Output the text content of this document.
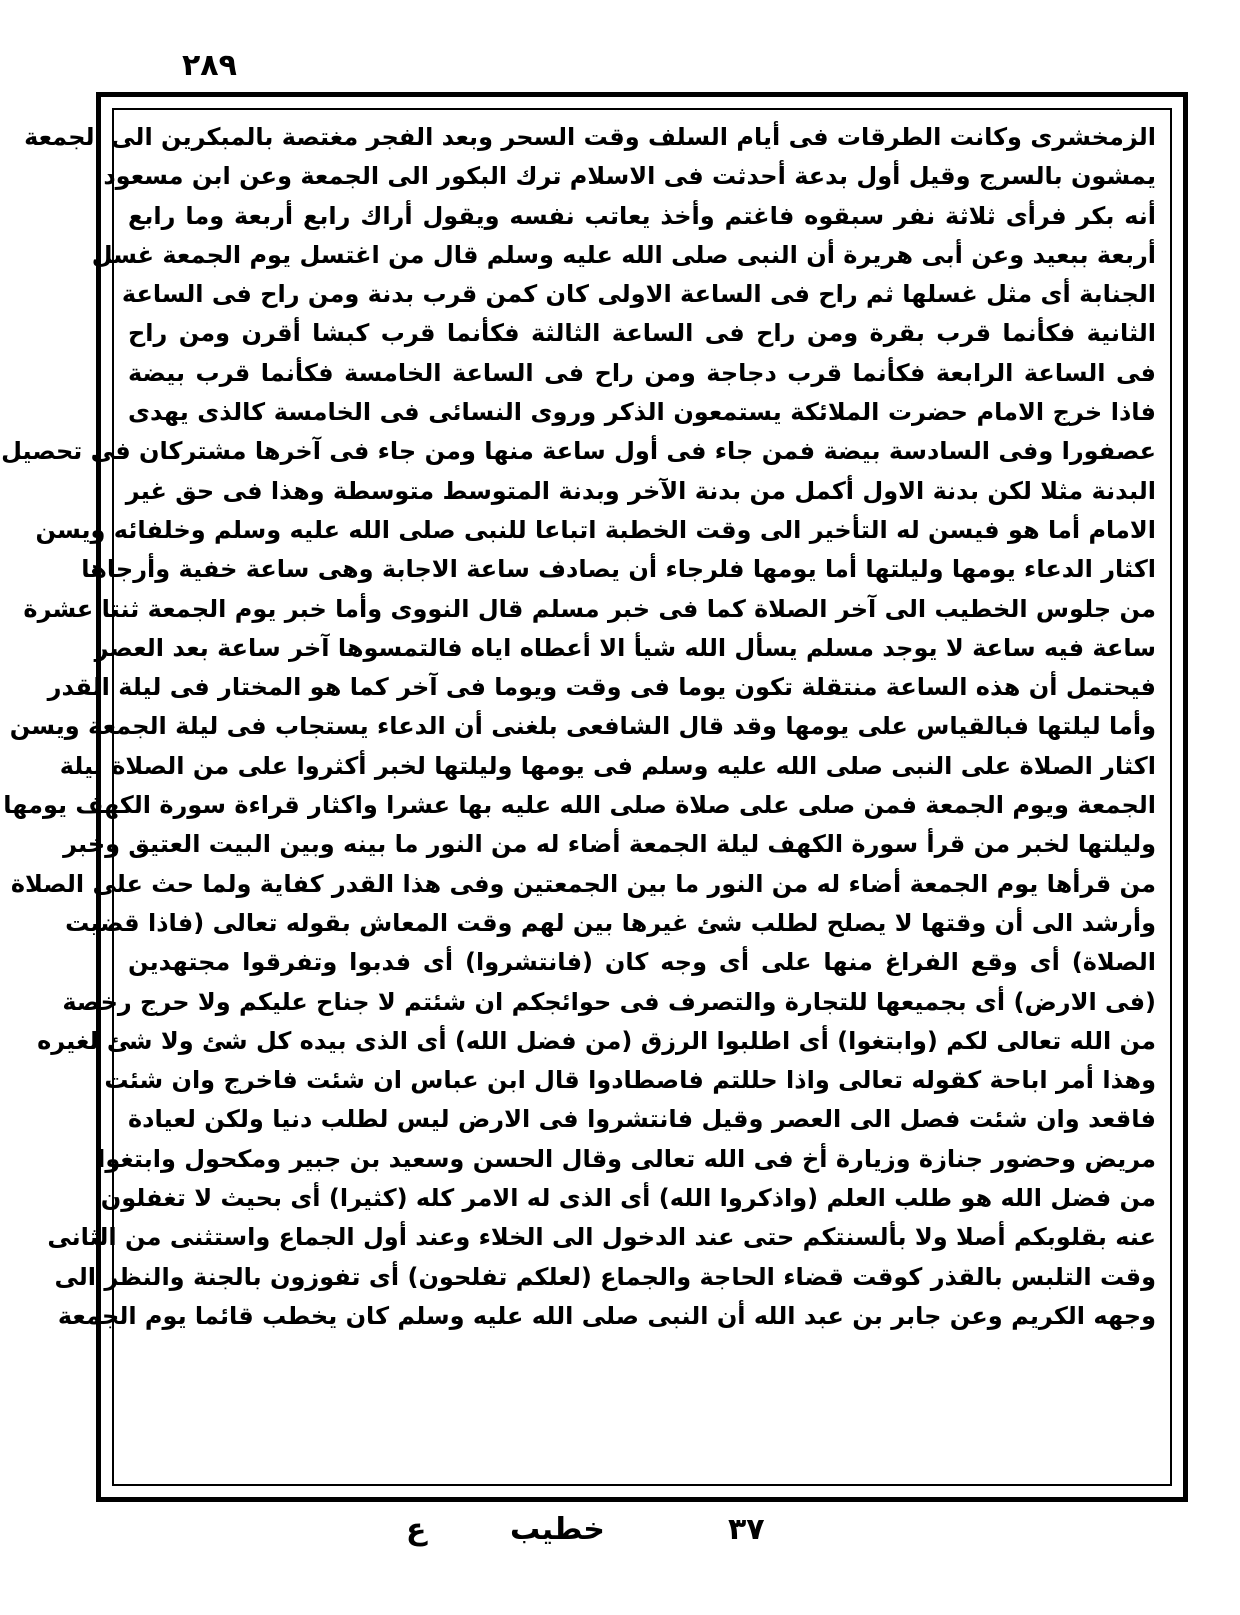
٢٨٩
الزمخشرى وكانت الطرقات فى أيام السلف وقت السحر وبعد الفجر مغتصة بالمبكرين الى الجمعة
يمشون بالسرج وقيل أول بدعة أحدثت فى الاسلام ترك البكور الى الجمعة وعن ابن مسعود
أنه بكر فرأى ثلاثة نفر سبقوه فاغتم وأخذ يعاتب نفسه ويقول أراك رابع أربعة وما رابع
أربعة ببعيد وعن أبى هريرة أن النبى صلى الله عليه وسلم قال من اغتسل يوم الجمعة غسل
الجنابة أى مثل غسلها ثم راح فى الساعة الاولى كان كمن قرب بدنة ومن راح فى الساعة
الثانية فكأنما قرب بقرة ومن راح فى الساعة الثالثة فكأنما قرب كبشا أقرن ومن راح
فى الساعة الرابعة فكأنما قرب دجاجة ومن راح فى الساعة الخامسة فكأنما قرب بيضة
فاذا خرج الامام حضرت الملائكة يستمعون الذكر وروى النسائى فى الخامسة كالذى يهدى
عصفورا وفى السادسة بيضة فمن جاء فى أول ساعة منها ومن جاء فى آخرها مشتركان فى تحصيل
البدنة مثلا لكن بدنة الاول أكمل من بدنة الآخر وبدنة المتوسط متوسطة وهذا فى حق غير
الامام أما هو فيسن له التأخير الى وقت الخطبة اتباعا للنبى صلى الله عليه وسلم وخلفائه ويسن
اكثار الدعاء يومها وليلتها أما يومها فلرجاء أن يصادف ساعة الاجابة وهى ساعة خفية وأرجاها
من جلوس الخطيب الى آخر الصلاة كما فى خبر مسلم قال النووى وأما خبر يوم الجمعة ثنتا عشرة
ساعة فيه ساعة لا يوجد مسلم يسأل الله شيأ الا أعطاه اياه فالتمسوها آخر ساعة بعد العصر
فيحتمل أن هذه الساعة منتقلة تكون يوما فى وقت ويوما فى آخر كما هو المختار فى ليلة القدر
وأما ليلتها فبالقياس على يومها وقد قال الشافعى بلغنى أن الدعاء يستجاب فى ليلة الجمعة ويسن
اكثار الصلاة على النبى صلى الله عليه وسلم فى يومها وليلتها لخبر أكثروا على من الصلاة ليلة
الجمعة ويوم الجمعة فمن صلى على صلاة صلى الله عليه بها عشرا واكثار قراءة سورة الكهف يومها
وليلتها لخبر من قرأ سورة الكهف ليلة الجمعة أضاء له من النور ما بينه وبين البيت العتيق وخبر
من قرأها يوم الجمعة أضاء له من النور ما بين الجمعتين وفى هذا القدر كفاية ولما حث على الصلاة
وأرشد الى أن وقتها لا يصلح لطلب شئ غيرها بين لهم وقت المعاش بقوله تعالى (فاذا قضيت
الصلاة) أى وقع الفراغ منها على أى وجه كان (فانتشروا) أى فدبوا وتفرقوا مجتهدين
(فى الارض) أى بجميعها للتجارة والتصرف فى حوائجكم ان شئتم لا جناح عليكم ولا حرج رخصة
من الله تعالى لكم (وابتغوا) أى اطلبوا الرزق (من فضل الله) أى الذى بيده كل شئ ولا شئ لغيره
وهذا أمر اباحة كقوله تعالى واذا حللتم فاصطادوا قال ابن عباس ان شئت فاخرج وان شئت
فاقعد وان شئت فصل الى العصر وقيل فانتشروا فى الارض ليس لطلب دنيا ولكن لعيادة
مريض وحضور جنازة وزيارة أخ فى الله تعالى وقال الحسن وسعيد بن جبير ومكحول وابتغوا
من فضل الله هو طلب العلم (واذكروا الله) أى الذى له الامر كله (كثيرا) أى بحيث لا تغفلون
عنه بقلوبكم أصلا ولا بألسنتكم حتى عند الدخول الى الخلاء وعند أول الجماع واستثنى من الثانى
وقت التلبس بالقذر كوقت قضاء الحاجة والجماع (لعلكم تفلحون) أى تفوزون بالجنة والنظر الى
وجهه الكريم وعن جابر بن عبد الله أن النبى صلى الله عليه وسلم كان يخطب قائما يوم الجمعة
٣٧
خطيب
ع
